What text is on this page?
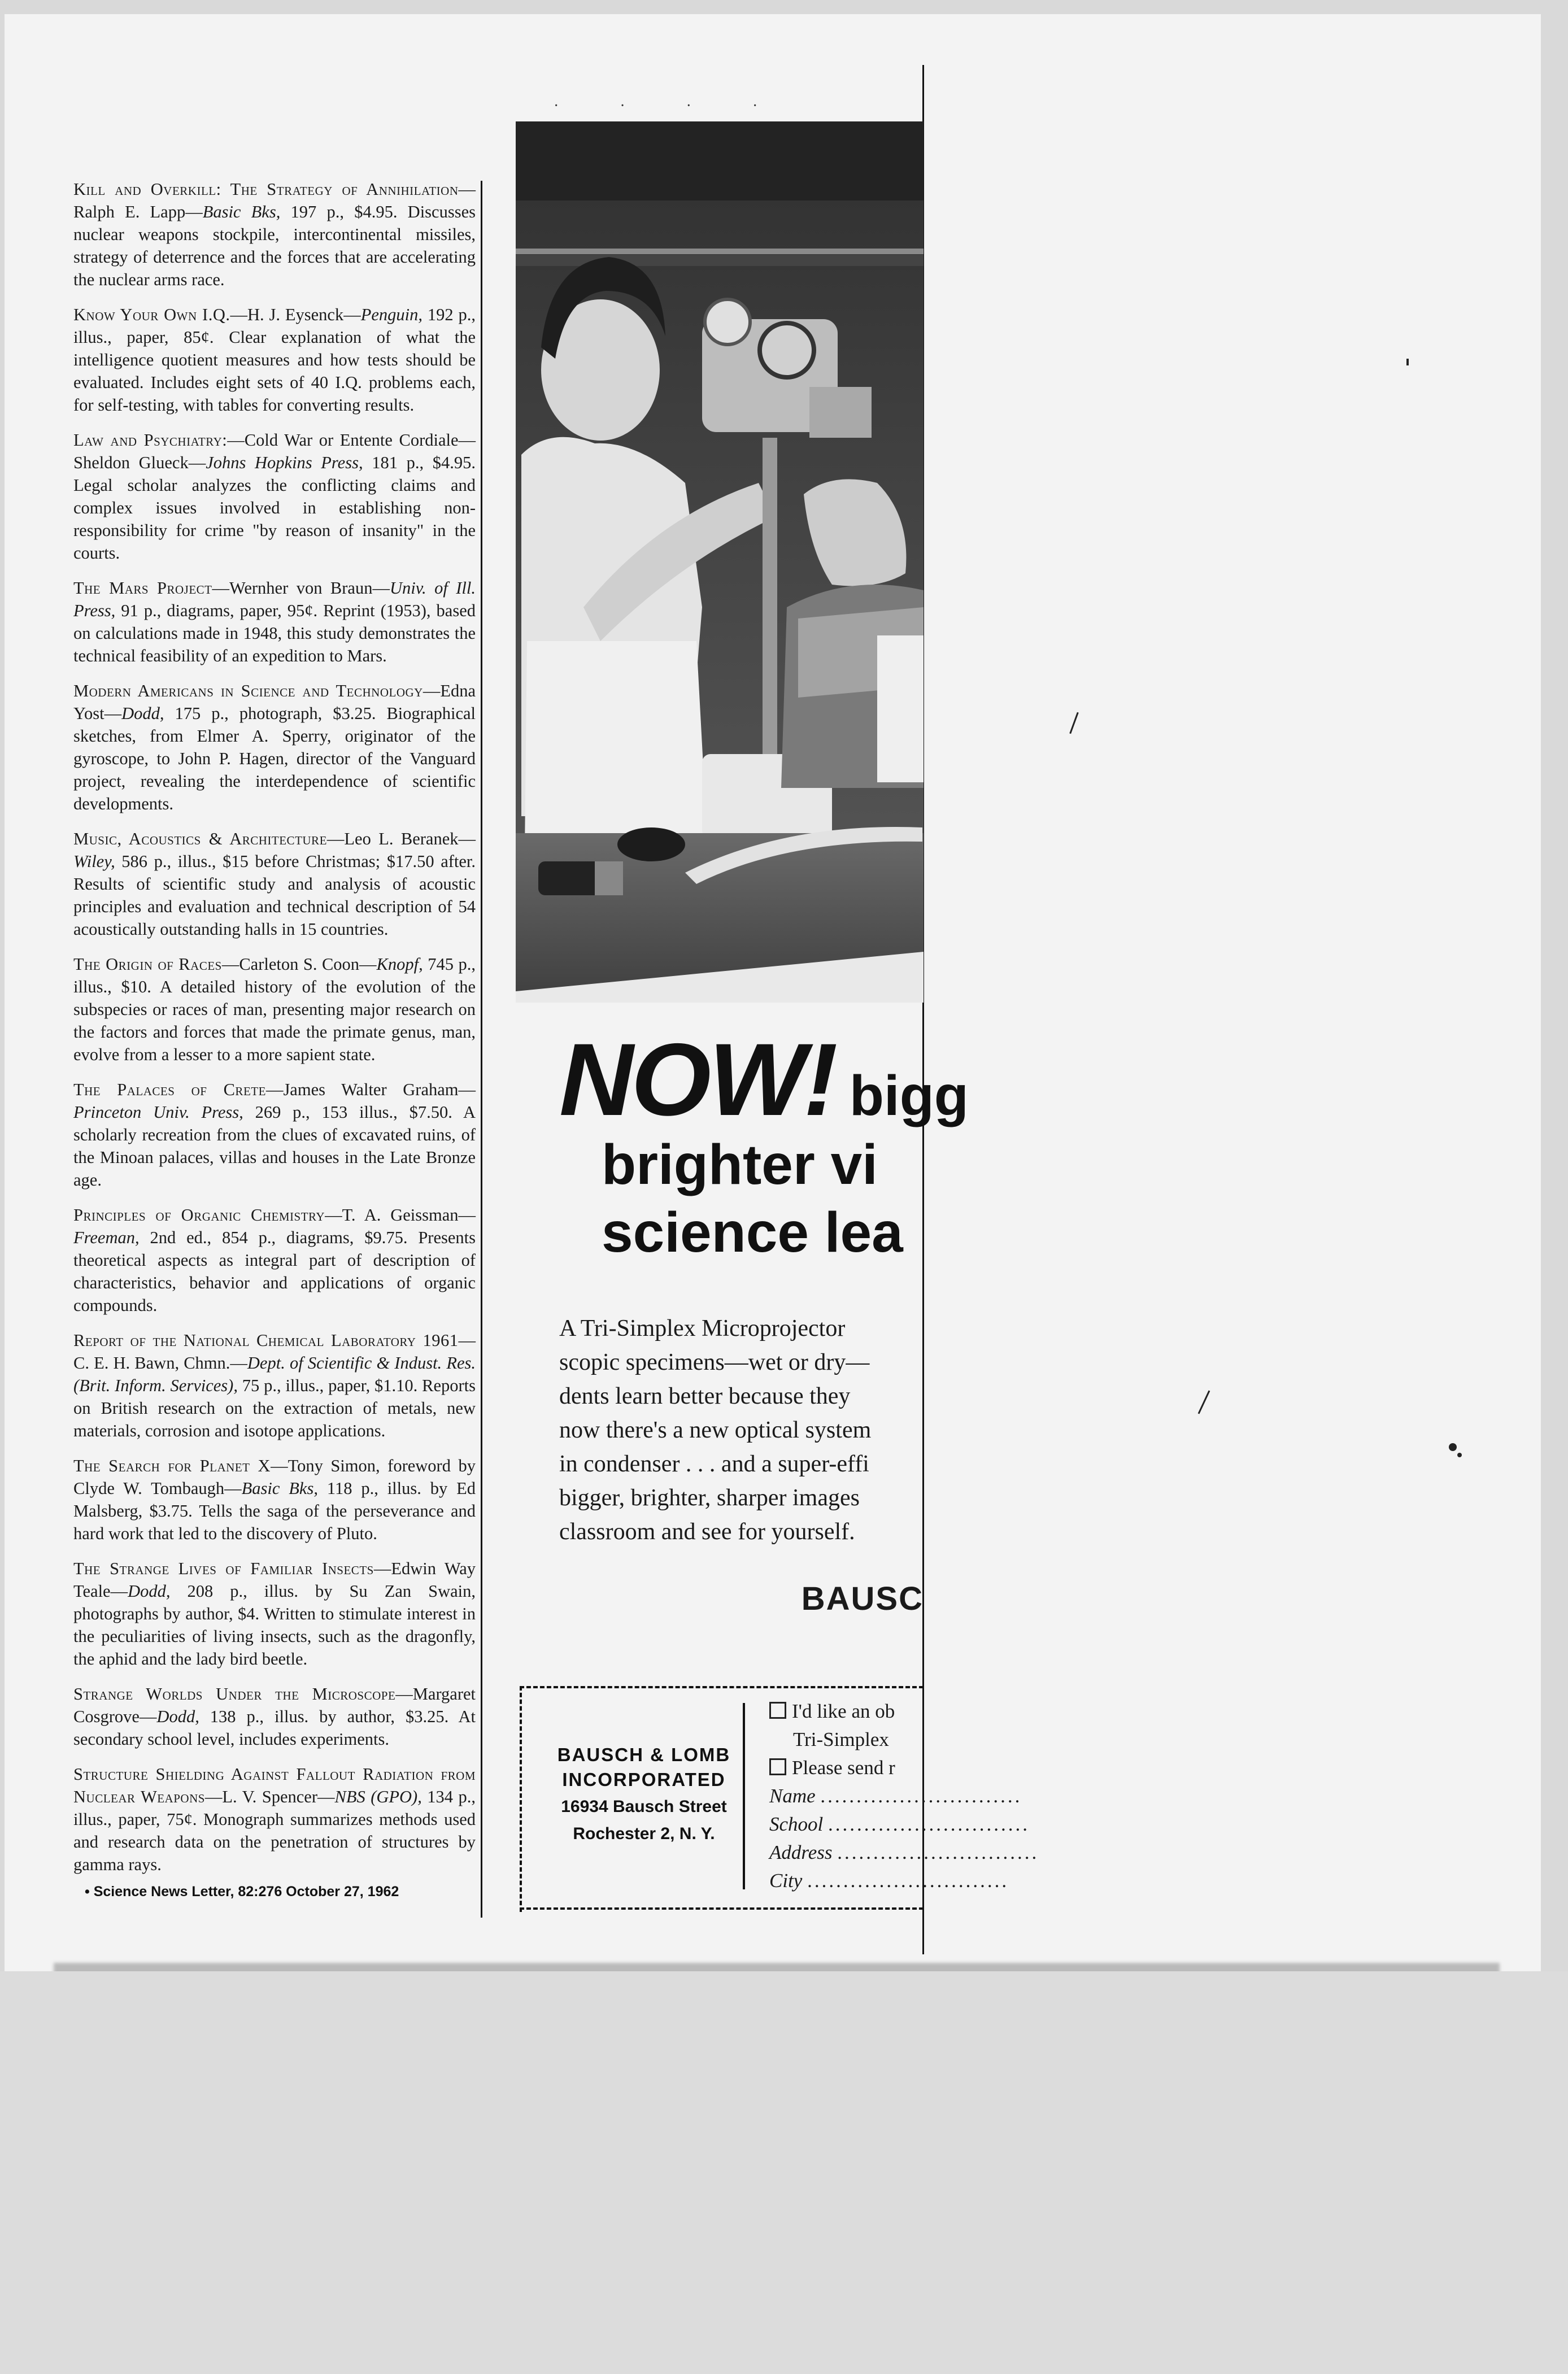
Kill and Overkill: The Strategy of Annihilation—Ralph E. Lapp—Basic Bks, 197 p., $4.95. Discusses nuclear weapons stockpile, intercontinental missiles, strategy of deterrence and the forces that are accelerating the nuclear arms race.

Know Your Own I.Q.—H. J. Eysenck—Penguin, 192 p., illus., paper, 85¢. Clear explanation of what the intelligence quotient measures and how tests should be evaluated. Includes eight sets of 40 I.Q. problems each, for self-testing, with tables for converting results.

Law and Psychiatry:—Cold War or Entente Cordiale—Sheldon Glueck—Johns Hopkins Press, 181 p., $4.95. Legal scholar analyzes the conflicting claims and complex issues involved in establishing non-responsibility for crime "by reason of insanity" in the courts.

The Mars Project—Wernher von Braun—Univ. of Ill. Press, 91 p., diagrams, paper, 95¢. Reprint (1953), based on calculations made in 1948, this study demonstrates the technical feasibility of an expedition to Mars.

Modern Americans in Science and Technology—Edna Yost—Dodd, 175 p., photograph, $3.25. Biographical sketches, from Elmer A. Sperry, originator of the gyroscope, to John P. Hagen, director of the Vanguard project, revealing the interdependence of scientific developments.

Music, Acoustics & Architecture—Leo L. Beranek—Wiley, 586 p., illus., $15 before Christmas; $17.50 after. Results of scientific study and analysis of acoustic principles and evaluation and technical description of 54 acoustically outstanding halls in 15 countries.

The Origin of Races—Carleton S. Coon—Knopf, 745 p., illus., $10. A detailed history of the evolution of the subspecies or races of man, presenting major research on the factors and forces that made the primate genus, man, evolve from a lesser to a more sapient state.

The Palaces of Crete—James Walter Graham—Princeton Univ. Press, 269 p., 153 illus., $7.50. A scholarly recreation from the clues of excavated ruins, of the Minoan palaces, villas and houses in the Late Bronze age.

Principles of Organic Chemistry—T. A. Geissman—Freeman, 2nd ed., 854 p., diagrams, $9.75. Presents theoretical aspects as integral part of description of characteristics, behavior and applications of organic compounds.

Report of the National Chemical Laboratory 1961—C. E. H. Bawn, Chmn.—Dept. of Scientific & Indust. Res. (Brit. Inform. Services), 75 p., illus., paper, $1.10. Reports on British research on the extraction of metals, new materials, corrosion and isotope applications.

The Search for Planet X—Tony Simon, foreword by Clyde W. Tombaugh—Basic Bks, 118 p., illus. by Ed Malsberg, $3.75. Tells the saga of the perseverance and hard work that led to the discovery of Pluto.

The Strange Lives of Familiar Insects—Edwin Way Teale—Dodd, 208 p., illus. by Su Zan Swain, photographs by author, $4. Written to stimulate interest in the peculiarities of living insects, such as the dragonfly, the aphid and the lady bird beetle.

Strange Worlds Under the Microscope—Margaret Cosgrove—Dodd, 138 p., illus. by author, $3.25. At secondary school level, includes experiments.

Structure Shielding Against Fallout Radiation from Nuclear Weapons—L. V. Spencer—NBS (GPO), 134 p., illus., paper, 75¢. Monograph summarizes methods used and research data on the penetration of structures by gamma rays.

• Science News Letter, 82:276 October 27, 1962
·　·　·　·
NOW! bigg
brighter vi
science lea
A Tri-Simplex Microprojector
scopic specimens—wet or dry—
dents learn better because they
now there's a new optical system
in condenser . . . and a super-effi
bigger, brighter, sharper images
classroom and see for yourself.
BAUSC
BAUSCH & LOMB
INCORPORATED
16934 Bausch Street
Rochester 2, N. Y.
I'd like an ob
Tri-Simplex
Please send r
Name ............................
School ............................
Address ............................
City ............................
